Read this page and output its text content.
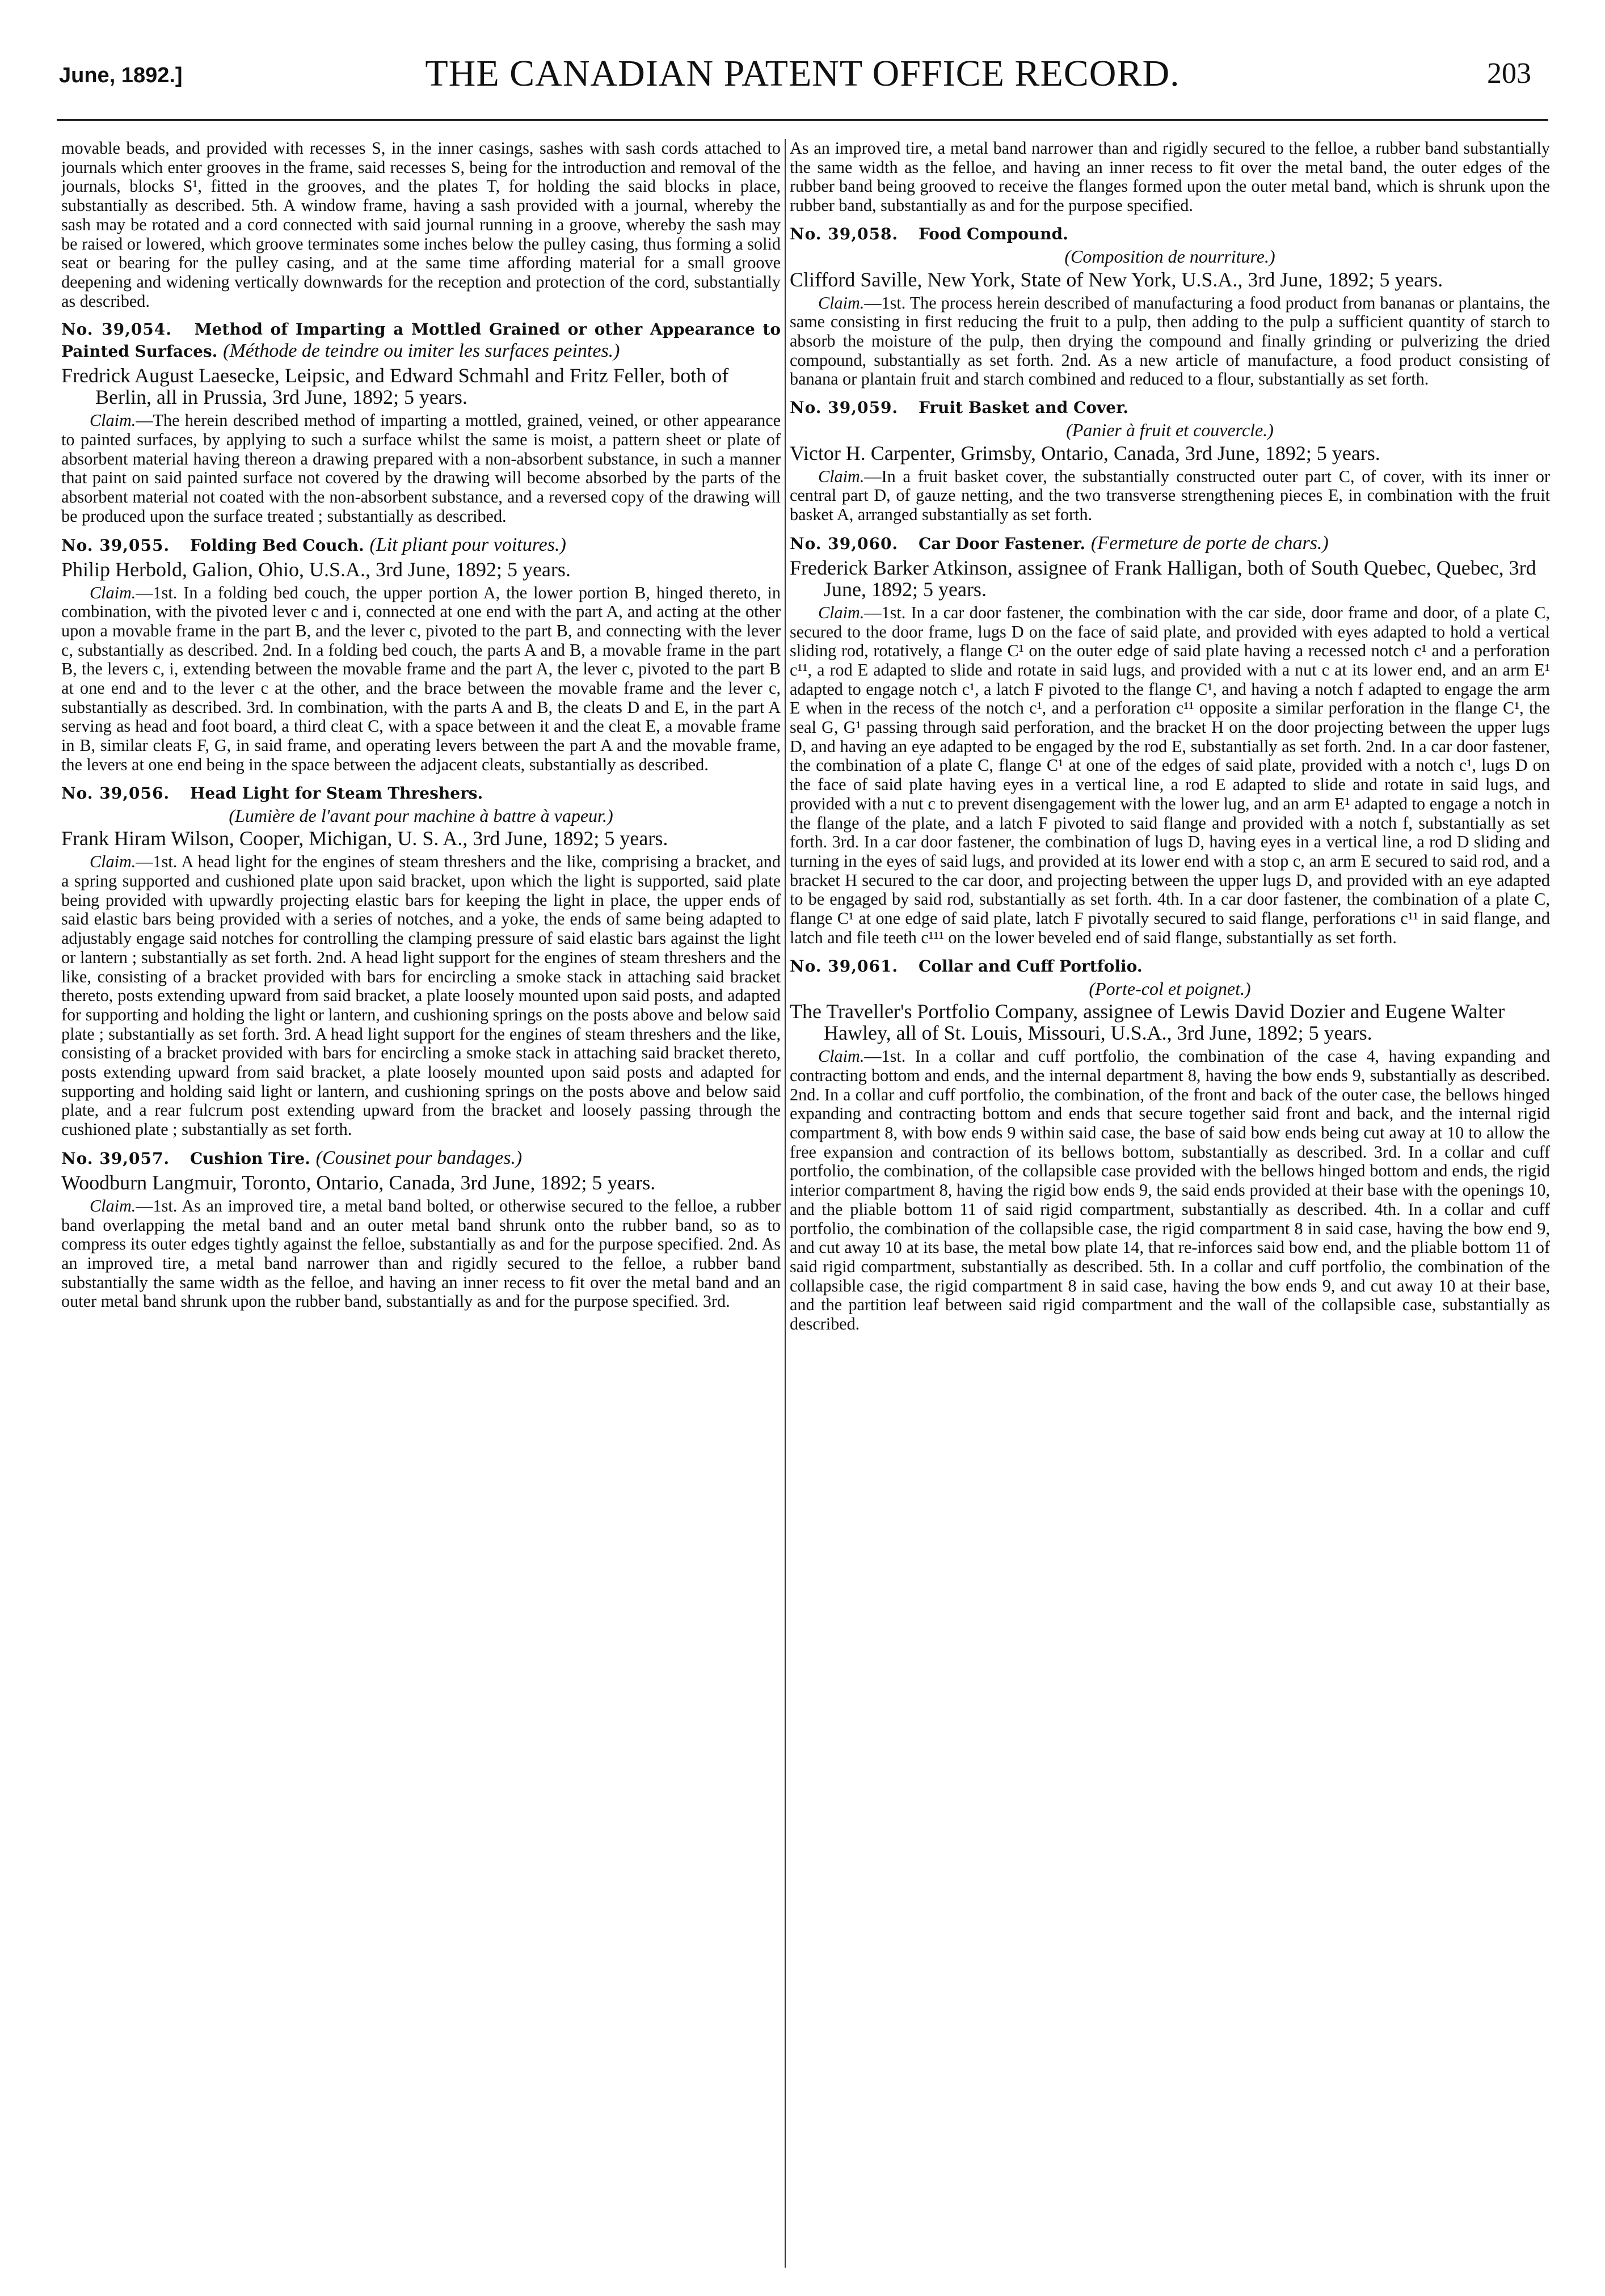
June, 1892.]	THE CANADIAN PATENT OFFICE RECORD.	203

movable beads, and provided with recesses S, in the inner casings, sashes with sash cords attached to journals which enter grooves in the frame, said recesses S, being for the introduction and removal of the journals, blocks S¹, fitted in the grooves, and the plates T, for holding the said blocks in place, substantially as described. 5th. A window frame, having a sash provided with a journal, whereby the sash may be rotated and a cord connected with said journal running in a groove, whereby the sash may be raised or lowered, which groove terminates some inches below the pulley casing, thus forming a solid seat or bearing for the pulley casing, and at the same time affording material for a small groove deepening and widening vertically downwards for the reception and protection of the cord, substantially as described.

No. 39,054. Method of Imparting a Mottled Grained or other Appearance to Painted Surfaces. (Méthode de teindre ou imiter les surfaces peintes.)
Fredrick August Laesecke, Leipsic, and Edward Schmahl and Fritz Feller, both of Berlin, all in Prussia, 3rd June, 1892; 5 years.

Claim.—The herein described method of imparting a mottled, grained, veined, or other appearance to painted surfaces, by applying to such a surface whilst the same is moist, a pattern sheet or plate of absorbent material having thereon a drawing prepared with a non-absorbent substance, in such a manner that paint on said painted surface not covered by the drawing will become absorbed by the parts of the absorbent material not coated with the non-absorbent substance, and a reversed copy of the drawing will be produced upon the surface treated ; substantially as described.

No. 39,055. Folding Bed Couch. (Lit pliant pour voitures.)
Philip Herbold, Galion, Ohio, U.S.A., 3rd June, 1892; 5 years.

Claim.—1st. In a folding bed couch, the upper portion A, the lower portion B, hinged thereto, in combination, with the pivoted lever c and i, connected at one end with the part A, and acting at the other upon a movable frame in the part B, and the lever c, pivoted to the part B, and connecting with the lever c, substantially as described. 2nd. In a folding bed couch, the parts A and B, a movable frame in the part B, the levers c, i, extending between the movable frame and the part A, the lever c, pivoted to the part B at one end and to the lever c at the other, and the brace between the movable frame and the lever c, substantially as described. 3rd. In combination, with the parts A and B, the cleats D and E, in the part A serving as head and foot board, a third cleat C, with a space between it and the cleat E, a movable frame in B, similar cleats F, G, in said frame, and operating levers between the part A and the movable frame, the levers at one end being in the space between the adjacent cleats, substantially as described.

No. 39,056. Head Light for Steam Threshers.
(Lumière de l'avant pour machine à battre à vapeur.)
Frank Hiram Wilson, Cooper, Michigan, U. S. A., 3rd June, 1892; 5 years.

Claim.—1st. A head light for the engines of steam threshers and the like, comprising a bracket, and a spring supported and cushioned plate upon said bracket, upon which the light is supported, said plate being provided with upwardly projecting elastic bars for keeping the light in place, the upper ends of said elastic bars being provided with a series of notches, and a yoke, the ends of same being adapted to adjustably engage said notches for controlling the clamping pressure of said elastic bars against the light or lantern ; substantially as set forth. 2nd. A head light support for the engines of steam threshers and the like, consisting of a bracket provided with bars for encircling a smoke stack in attaching said bracket thereto, posts extending upward from said bracket, a plate loosely mounted upon said posts, and adapted for supporting and holding the light or lantern, and cushioning springs on the posts above and below said plate ; substantially as set forth. 3rd. A head light support for the engines of steam threshers and the like, consisting of a bracket provided with bars for encircling a smoke stack in attaching said bracket thereto, posts extending upward from said bracket, a plate loosely mounted upon said posts and adapted for supporting and holding said light or lantern, and cushioning springs on the posts above and below said plate, and a rear fulcrum post extending upward from the bracket and loosely passing through the cushioned plate ; substantially as set forth.

No. 39,057. Cushion Tire. (Cousinet pour bandages.)
Woodburn Langmuir, Toronto, Ontario, Canada, 3rd June, 1892; 5 years.

Claim.—1st. As an improved tire, a metal band bolted, or otherwise secured to the felloe, a rubber band overlapping the metal band and an outer metal band shrunk onto the rubber band, so as to compress its outer edges tightly against the felloe, substantially as and for the purpose specified. 2nd. As an improved tire, a metal band narrower than and rigidly secured to the felloe, a rubber band substantially the same width as the felloe, and having an inner recess to fit over the metal band and an outer metal band shrunk upon the rubber band, substantially as and for the purpose specified. 3rd.

As an improved tire, a metal band narrower than and rigidly secured to the felloe, a rubber band substantially the same width as the felloe, and having an inner recess to fit over the metal band, the outer edges of the rubber band being grooved to receive the flanges formed upon the outer metal band, which is shrunk upon the rubber band, substantially as and for the purpose specified.

No. 39,058. Food Compound.
(Composition de nourriture.)
Clifford Saville, New York, State of New York, U.S.A., 3rd June, 1892; 5 years.

Claim.—1st. The process herein described of manufacturing a food product from bananas or plantains, the same consisting in first reducing the fruit to a pulp, then adding to the pulp a sufficient quantity of starch to absorb the moisture of the pulp, then drying the compound and finally grinding or pulverizing the dried compound, substantially as set forth. 2nd. As a new article of manufacture, a food product consisting of banana or plantain fruit and starch combined and reduced to a flour, substantially as set forth.

No. 39,059. Fruit Basket and Cover.
(Panier à fruit et couvercle.)
Victor H. Carpenter, Grimsby, Ontario, Canada, 3rd June, 1892; 5 years.

Claim.—In a fruit basket cover, the substantially constructed outer part C, of cover, with its inner or central part D, of gauze netting, and the two transverse strengthening pieces E, in combination with the fruit basket A, arranged substantially as set forth.

No. 39,060. Car Door Fastener. (Fermeture de porte de chars.)
Frederick Barker Atkinson, assignee of Frank Halligan, both of South Quebec, Quebec, 3rd June, 1892; 5 years.

Claim.—1st. In a car door fastener, the combination with the car side, door frame and door, of a plate C, secured to the door frame, lugs D on the face of said plate, and provided with eyes adapted to hold a vertical sliding rod, rotatively, a flange C¹ on the outer edge of said plate having a recessed notch c¹ and a perforation c¹¹, a rod E adapted to slide and rotate in said lugs, and provided with a nut c at its lower end, and an arm E¹ adapted to engage notch c¹, a latch F pivoted to the flange C¹, and having a notch f adapted to engage the arm E when in the recess of the notch c¹, and a perforation c¹¹ opposite a similar perforation in the flange C¹, the seal G, G¹ passing through said perforation, and the bracket H on the door projecting between the upper lugs D, and having an eye adapted to be engaged by the rod E, substantially as set forth. 2nd. In a car door fastener, the combination of a plate C, flange C¹ at one of the edges of said plate, provided with a notch c¹, lugs D on the face of said plate having eyes in a vertical line, a rod E adapted to slide and rotate in said lugs, and provided with a nut c to prevent disengagement with the lower lug, and an arm E¹ adapted to engage a notch in the flange of the plate, and a latch F pivoted to said flange and provided with a notch f, substantially as set forth. 3rd. In a car door fastener, the combination of lugs D, having eyes in a vertical line, a rod D sliding and turning in the eyes of said lugs, and provided at its lower end with a stop c, an arm E secured to said rod, and a bracket H secured to the car door, and projecting between the upper lugs D, and provided with an eye adapted to be engaged by said rod, substantially as set forth. 4th. In a car door fastener, the combination of a plate C, flange C¹ at one edge of said plate, latch F pivotally secured to said flange, perforations c¹¹ in said flange, and latch and file teeth c¹¹¹ on the lower beveled end of said flange, substantially as set forth.

No. 39,061. Collar and Cuff Portfolio.
(Porte-col et poignet.)
The Traveller's Portfolio Company, assignee of Lewis David Dozier and Eugene Walter Hawley, all of St. Louis, Missouri, U.S.A., 3rd June, 1892; 5 years.

Claim.—1st. In a collar and cuff portfolio, the combination of the case 4, having expanding and contracting bottom and ends, and the internal department 8, having the bow ends 9, substantially as described. 2nd. In a collar and cuff portfolio, the combination, of the front and back of the outer case, the bellows hinged expanding and contracting bottom and ends that secure together said front and back, and the internal rigid compartment 8, with bow ends 9 within said case, the base of said bow ends being cut away at 10 to allow the free expansion and contraction of its bellows bottom, substantially as described. 3rd. In a collar and cuff portfolio, the combination, of the collapsible case provided with the bellows hinged bottom and ends, the rigid interior compartment 8, having the rigid bow ends 9, the said ends provided at their base with the openings 10, and the pliable bottom 11 of said rigid compartment, substantially as described. 4th. In a collar and cuff portfolio, the combination of the collapsible case, the rigid compartment 8 in said case, having the bow end 9, and cut away 10 at its base, the metal bow plate 14, that re-inforces said bow end, and the pliable bottom 11 of said rigid compartment, substantially as described. 5th. In a collar and cuff portfolio, the combination of the collapsible case, the rigid compartment 8 in said case, having the bow ends 9, and cut away 10 at their base, and the partition leaf between said rigid compartment and the wall of the collapsible case, substantially as described.
